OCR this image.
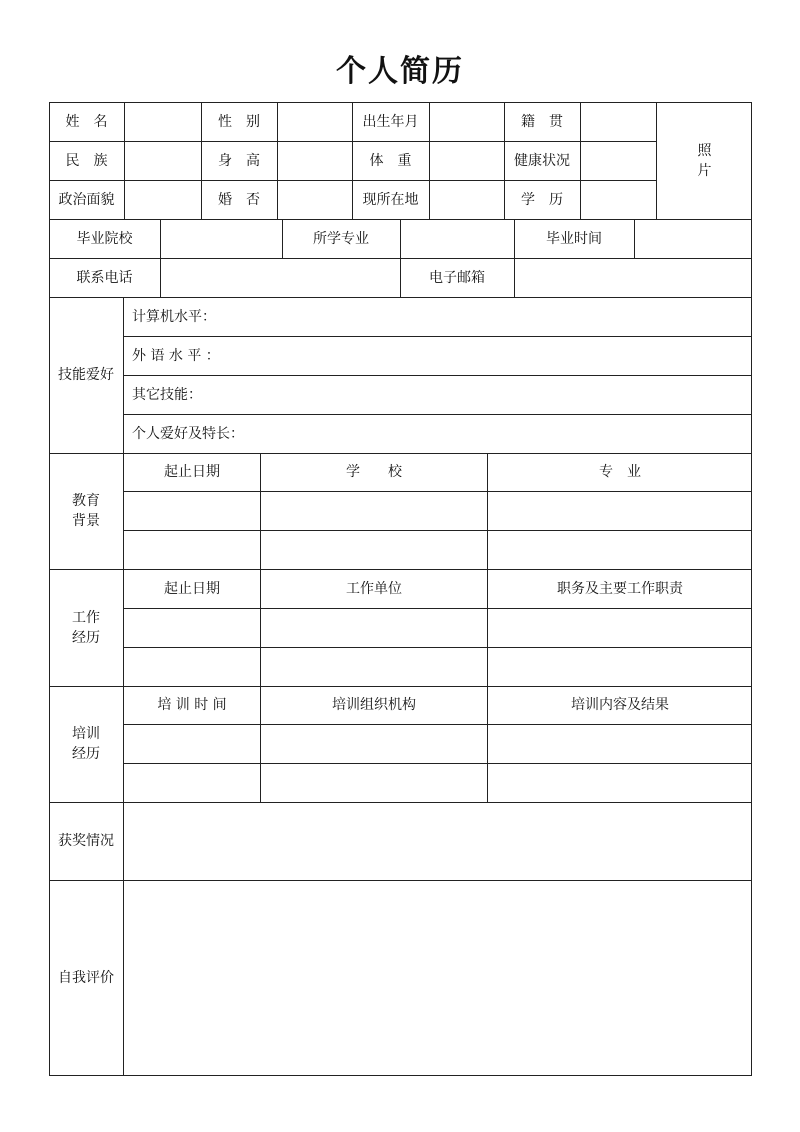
个人简历
姓　名	性　别	出生年月	籍　贯
照
片
民　族	身　高	体　重	健康状况
政治面貌	婚　否	现所在地	学　历
毕业院校	所学专业	毕业时间
联系电话	电子邮箱
技能爱好
计算机水平：
外 语 水 平 ：
其它技能：
个人爱好及特长：
教育
背景
起止日期	学　　校	专　业
工作
经历
起止日期	工作单位	职务及主要工作职责
培训
经历
培 训 时 间	培训组织机构	培训内容及结果
获奖情况
自我评价
